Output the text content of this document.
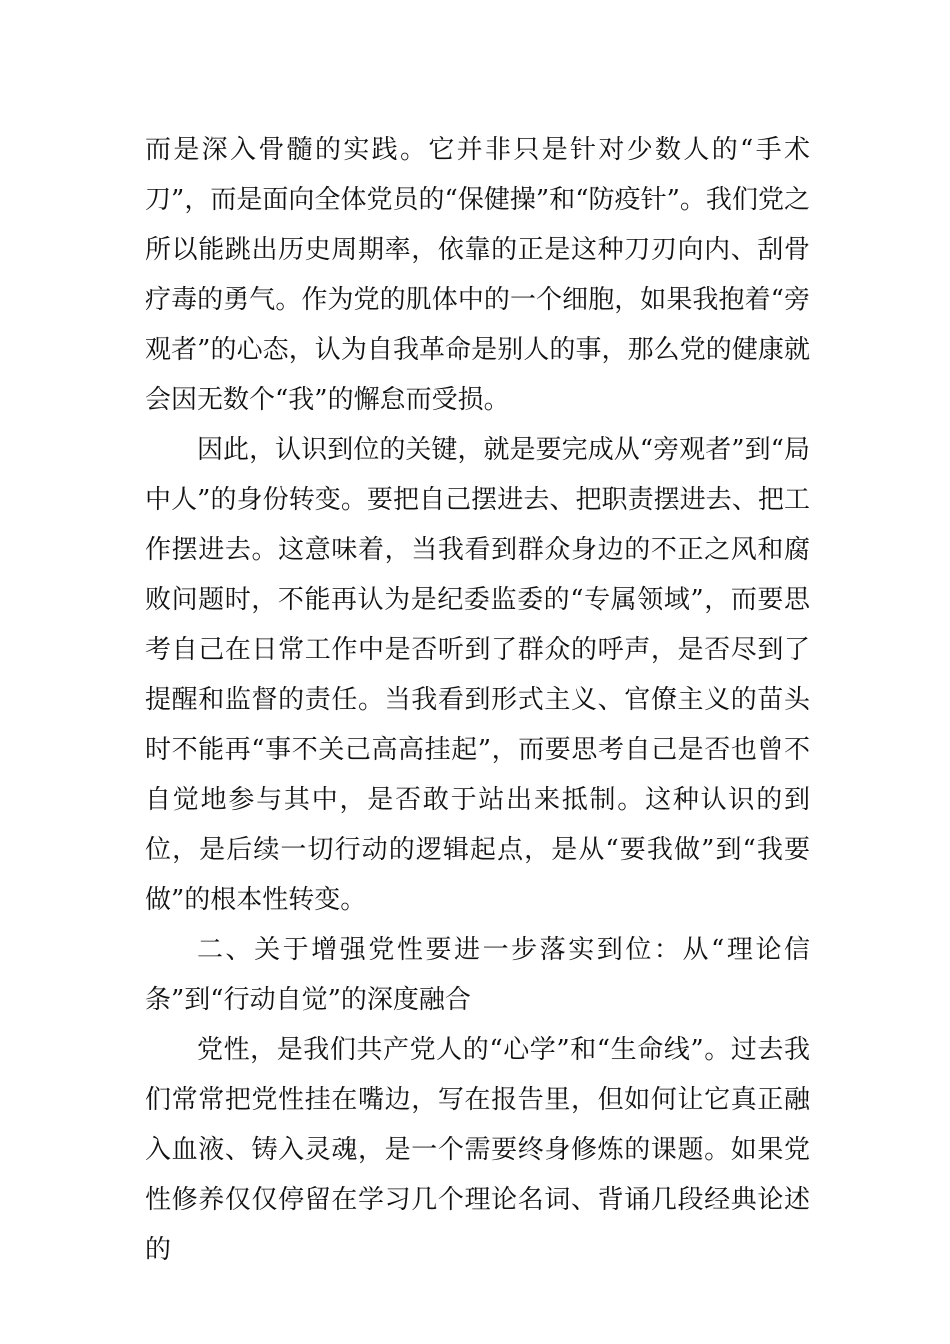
而是深入骨髓的实践。它并非只是针对少数人的“手术刀”，而是面向全体党员的“保健操”和“防疫针”。我们党之所以能跳出历史周期率，依靠的正是这种刀刃向内、刮骨疗毒的勇气。作为党的肌体中的一个细胞，如果我抱着“旁观者”的心态，认为自我革命是别人的事，那么党的健康就会因无数个“我”的懈怠而受损。

因此，认识到位的关键，就是要完成从“旁观者”到“局中人”的身份转变。要把自己摆进去、把职责摆进去、把工作摆进去。这意味着，当我看到群众身边的不正之风和腐败问题时，不能再认为是纪委监委的“专属领域”，而要思考自己在日常工作中是否听到了群众的呼声，是否尽到了提醒和监督的责任。当我看到形式主义、官僚主义的苗头时不能再“事不关己高高挂起”，而要思考自己是否也曾不自觉地参与其中，是否敢于站出来抵制。这种认识的到位，是后续一切行动的逻辑起点，是从“要我做”到“我要做”的根本性转变。

二、关于增强党性要进一步落实到位：从“理论信条”到“行动自觉”的深度融合

党性，是我们共产党人的“心学”和“生命线”。过去我们常常把党性挂在嘴边，写在报告里，但如何让它真正融入血液、铸入灵魂，是一个需要终身修炼的课题。如果党性修养仅仅停留在学习几个理论名词、背诵几段经典论述的
